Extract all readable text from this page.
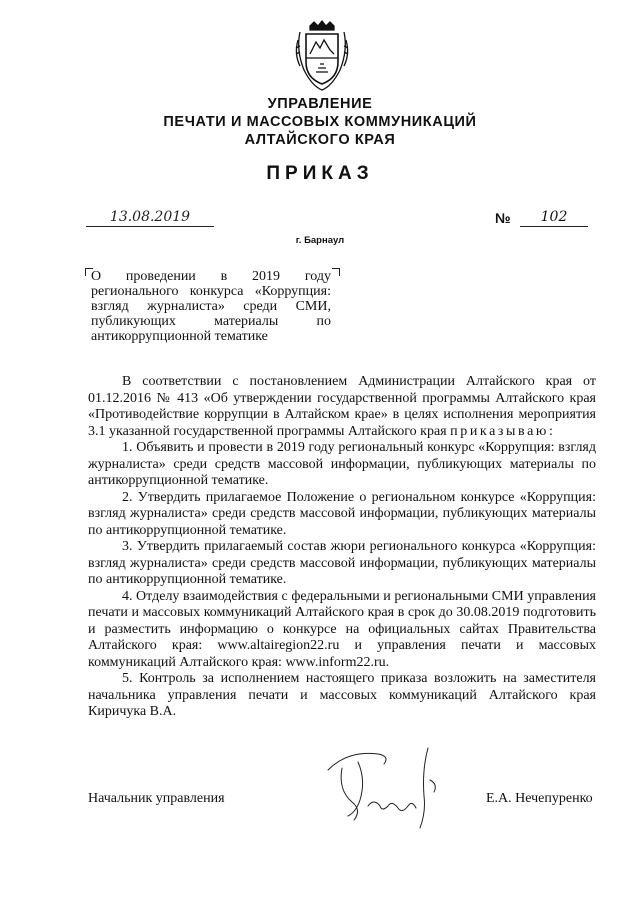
УПРАВЛЕНИЕ
ПЕЧАТИ И МАССОВЫХ КОММУНИКАЦИЙ
АЛТАЙСКОГО КРАЯ
ПРИКАЗ
13.08.2019	№	102
г. Барнаул
О проведении в 2019 году регионального конкурса «Коррупция: взгляд журналиста» среди СМИ, публикующих материалы по антикоррупционной тематике

В соответствии с постановлением Администрации Алтайского края от 01.12.2016 № 413 «Об утверждении государственной программы Алтайского края «Противодействие коррупции в Алтайском крае» в целях исполнения мероприятия 3.1 указанной государственной программы Алтайского края приказываю:

1. Объявить и провести в 2019 году региональный конкурс «Коррупция: взгляд журналиста» среди средств массовой информации, публикующих материалы по антикоррупционной тематике.

2. Утвердить прилагаемое Положение о региональном конкурсе «Коррупция: взгляд журналиста» среди средств массовой информации, публикующих материалы по антикоррупционной тематике.

3. Утвердить прилагаемый состав жюри регионального конкурса «Коррупция: взгляд журналиста» среди средств массовой информации, публикующих материалы по антикоррупционной тематике.

4. Отделу взаимодействия с федеральными и региональными СМИ управления печати и массовых коммуникаций Алтайского края в срок до 30.08.2019 подготовить и разместить информацию о конкурсе на официальных сайтах Правительства Алтайского края: www.altairegion22.ru и управления печати и массовых коммуникаций Алтайского края: www.inform22.ru.

5. Контроль за исполнением настоящего приказа возложить на заместителя начальника управления печати и массовых коммуникаций Алтайского края Киричука В.А.

Начальник управления	Е.А. Нечепуренко
